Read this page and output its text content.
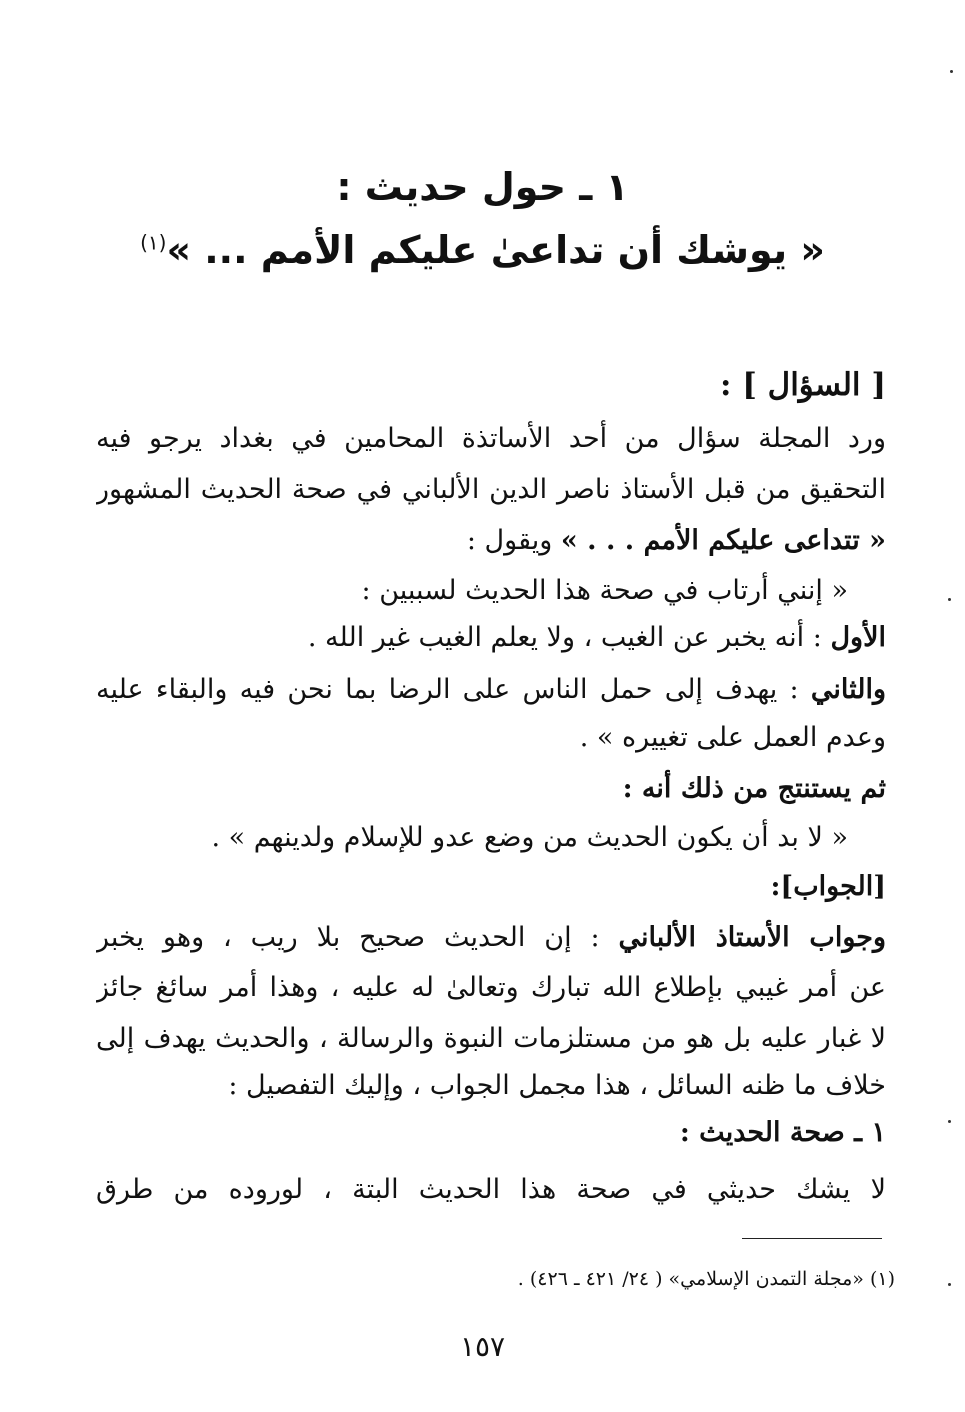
١ ـ حول حديث :
« يوشك أن تداعىٰ عليكم الأمم ... »$^{(١)}$
[ السؤال ] :
ورد المجلة سؤال من أحد الأساتذة المحامين في بغداد يرجو فيه
التحقيق من قبل الأستاذ ناصر الدين الألباني في صحة الحديث المشهور
« تتداعى عليكم الأمم . . . » ويقول :
« إنني أرتاب في صحة هذا الحديث لسببين :
الأول : أنه يخبر عن الغيب ، ولا يعلم الغيب غير الله .
والثاني : يهدف إلى حمل الناس على الرضا بما نحن فيه والبقاء عليه
وعدم العمل على تغييره » .
ثم يستنتج من ذلك أنه :
« لا بد أن يكون الحديث من وضع عدو للإسلام ولدينهم » .
[الجواب]:
وجواب الأستاذ الألباني : إن الحديث صحيح بلا ريب ، وهو يخبر
عن أمر غيبي بإطلاع الله تبارك وتعالىٰ له عليه ، وهذا أمر سائغ جائز
لا غبار عليه بل هو من مستلزمات النبوة والرسالة ، والحديث يهدف إلى
خلاف ما ظنه السائل ، هذا مجمل الجواب ، وإليك التفصيل :
١ ـ صحة الحديث :
لا يشك حديثي في صحة هذا الحديث البتة ، لوروده من طرق
(١) «مجلة التمدن الإسلامي» ( ٢٤/ ٤٢١ ـ ٤٢٦) .
١٥٧
